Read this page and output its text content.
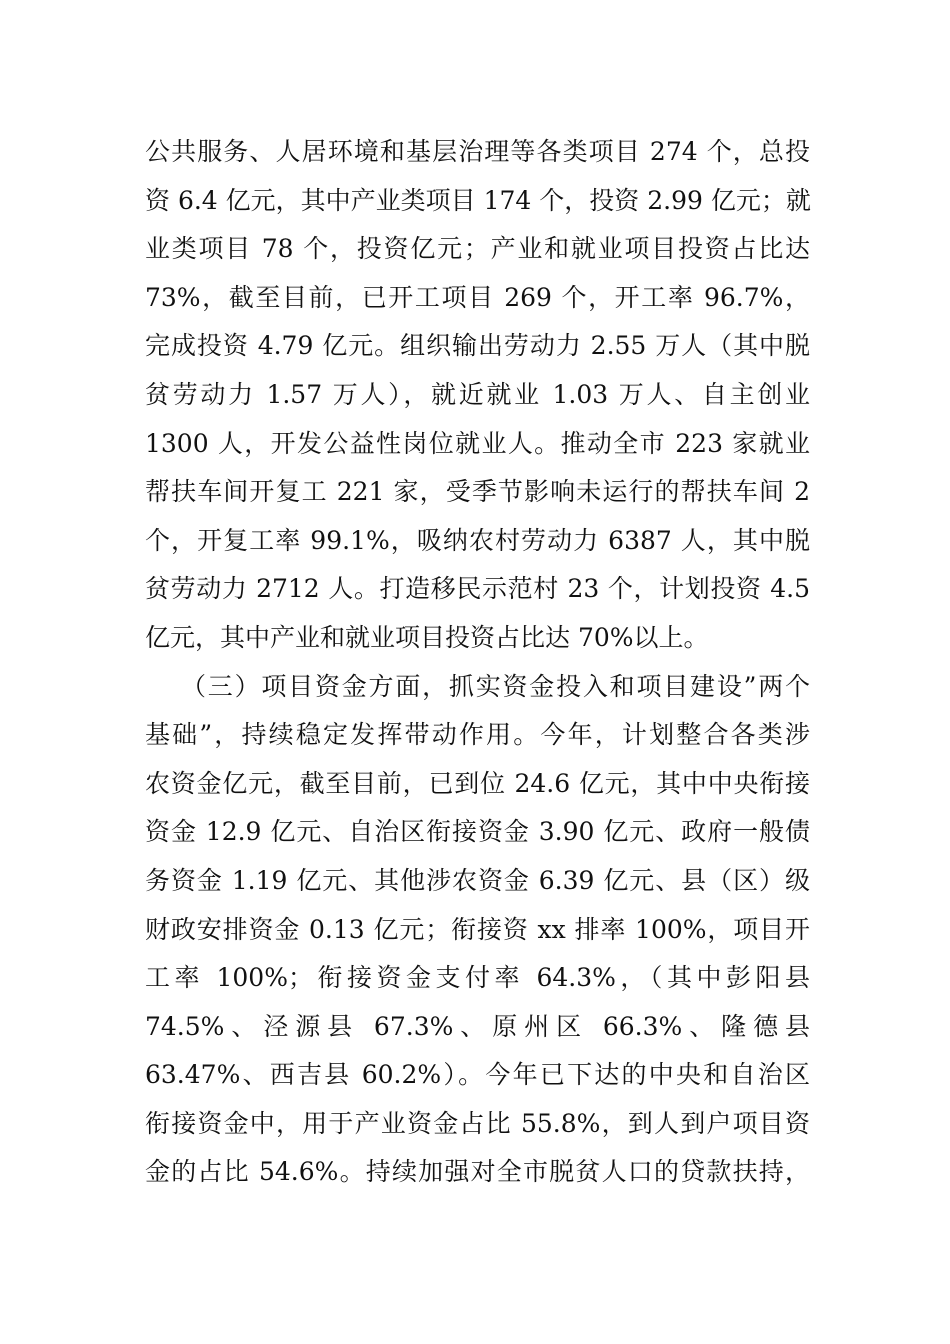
公共服务、人居环境和基层治理等各类项目 274 个，总投
资 6.4 亿元，其中产业类项目 174 个，投资 2.99 亿元；就
业类项目 78 个，投资亿元；产业和就业项目投资占比达
73%，截至目前，已开工项目 269 个，开工率 96.7%，
完成投资 4.79 亿元。组织输出劳动力 2.55 万人（其中脱
贫劳动力 1.57 万人），就近就业 1.03 万人、自主创业
1300 人，开发公益性岗位就业人。推动全市 223 家就业
帮扶车间开复工 221 家，受季节影响未运行的帮扶车间 2
个，开复工率 99.1%，吸纳农村劳动力 6387 人，其中脱
贫劳动力 2712 人。打造移民示范村 23 个，计划投资 4.5
亿元，其中产业和就业项目投资占比达 70%以上。
（三）项目资金方面，抓实资金投入和项目建设”两个
基础”，持续稳定发挥带动作用。今年，计划整合各类涉
农资金亿元，截至目前，已到位 24.6 亿元，其中中央衔接
资金 12.9 亿元、自治区衔接资金 3.90 亿元、政府一般债
务资金 1.19 亿元、其他涉农资金 6.39 亿元、县（区）级
财政安排资金 0.13 亿元；衔接资 xx 排率 100%，项目开
工率 100%；衔接资金支付率 64.3%，（其中彭阳县
74.5%、泾源县 67.3%、原州区 66.3%、隆德县
63.47%、西吉县 60.2%）。今年已下达的中央和自治区
衔接资金中，用于产业资金占比 55.8%，到人到户项目资
金的占比 54.6%。持续加强对全市脱贫人口的贷款扶持，
